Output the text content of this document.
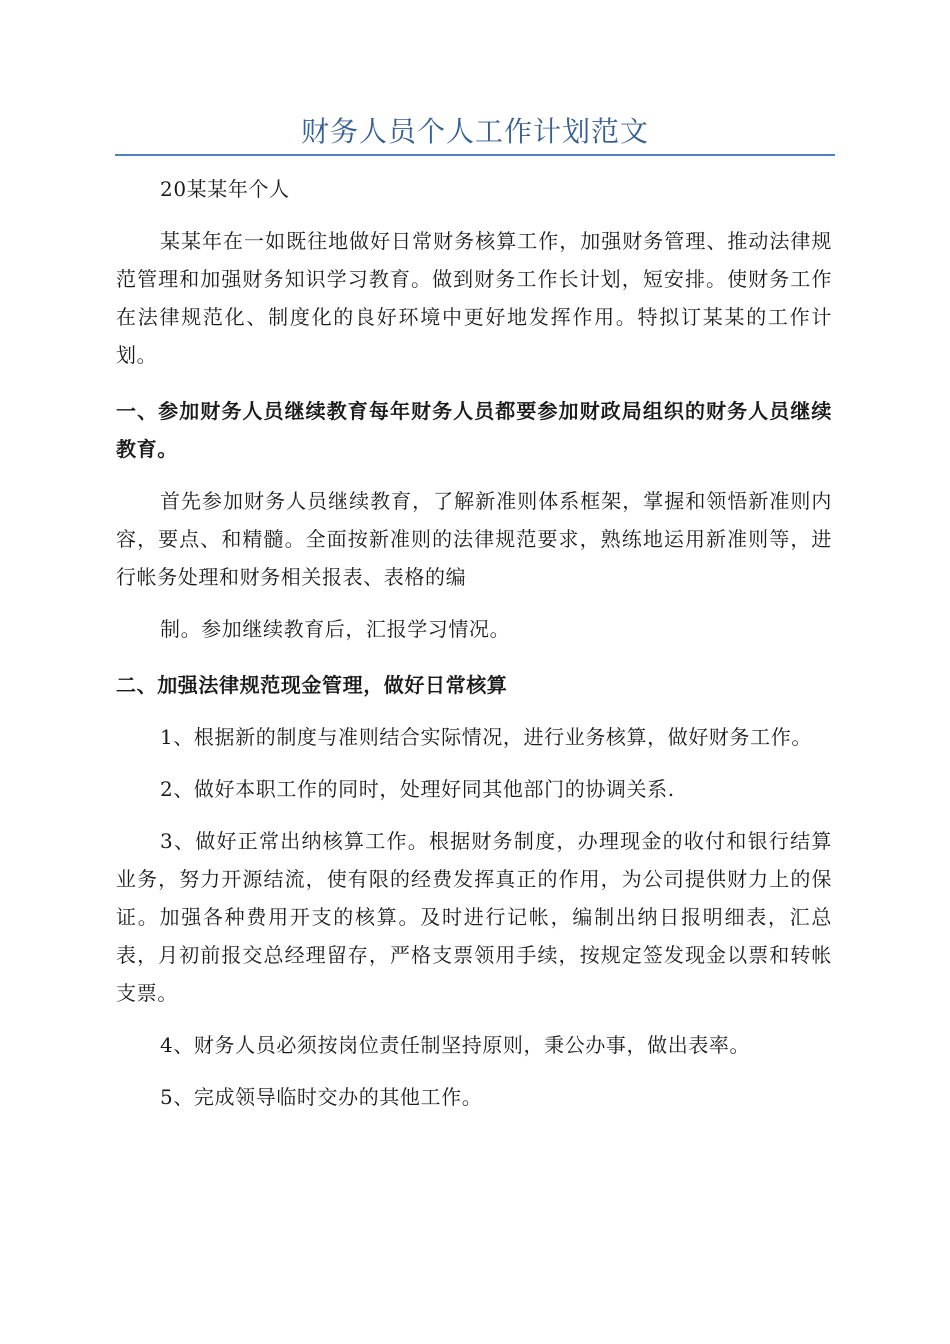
财务人员个人工作计划范文

20某某年个人

某某年在一如既往地做好日常财务核算工作，加强财务管理、推动法律规范管理和加强财务知识学习教育。做到财务工作长计划，短安排。使财务工作在法律规范化、制度化的良好环境中更好地发挥作用。特拟订某某的工作计划。

一、参加财务人员继续教育每年财务人员都要参加财政局组织的财务人员继续教育。

首先参加财务人员继续教育，了解新准则体系框架，掌握和领悟新准则内容，要点、和精髓。全面按新准则的法律规范要求，熟练地运用新准则等，进行帐务处理和财务相关报表、表格的编

制。参加继续教育后，汇报学习情况。

二、加强法律规范现金管理，做好日常核算

1、根据新的制度与准则结合实际情况，进行业务核算，做好财务工作。

2、做好本职工作的同时，处理好同其他部门的协调关系.

3、做好正常出纳核算工作。根据财务制度，办理现金的收付和银行结算业务，努力开源结流，使有限的经费发挥真正的作用，为公司提供财力上的保证。加强各种费用开支的核算。及时进行记帐，编制出纳日报明细表，汇总表，月初前报交总经理留存，严格支票领用手续，按规定签发现金以票和转帐支票。

4、财务人员必须按岗位责任制坚持原则，秉公办事，做出表率。

5、完成领导临时交办的其他工作。
